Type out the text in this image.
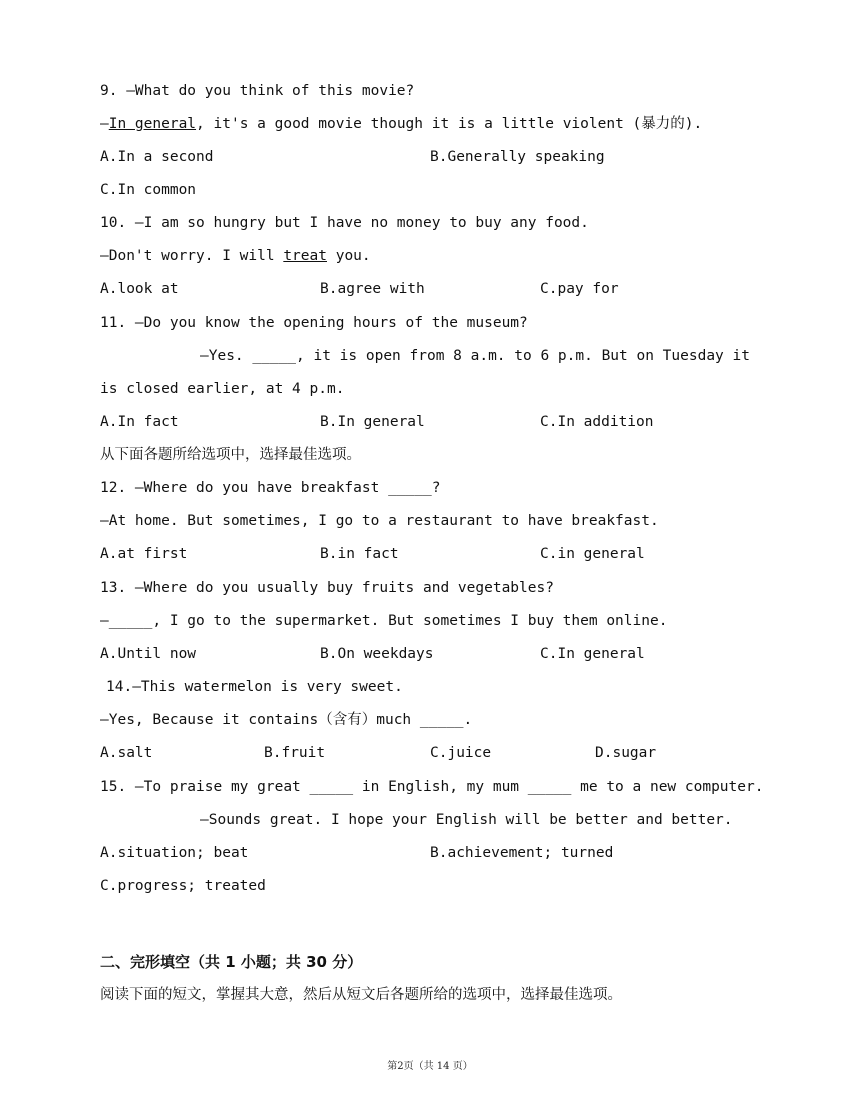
9. —What do you think of this movie?
—In general, it's a good movie though it is a little violent (暴力的).
A.In a second	B.Generally speaking
C.In common
10. —I am so hungry but I have no money to buy any food.
—Don't worry. I will treat you.
A.look at	B.agree with	C.pay for
11. —Do you know the opening hours of the museum?
—Yes. _____, it is open from 8 a.m. to 6 p.m. But on Tuesday it
is closed earlier, at 4 p.m.
A.In fact	B.In general	C.In addition
从下面各题所给选项中，选择最佳选项。
12. —Where do you have breakfast _____?
—At home. But sometimes, I go to a restaurant to have breakfast.
A.at first	B.in fact	C.in general
13. —Where do you usually buy fruits and vegetables?
—_____, I go to the supermarket. But sometimes I buy them online.
A.Until now	B.On weekdays	C.In general
14.—This watermelon is very sweet.
—Yes, Because it contains（含有）much _____.
A.salt	B.fruit	C.juice	D.sugar
15. —To praise my great _____ in English, my mum _____ me to a new computer.
—Sounds great. I hope your English will be better and better.
A.situation; beat	B.achievement; turned
C.progress; treated
二、完形填空（共 1 小题；共 30 分）
阅读下面的短文，掌握其大意，然后从短文后各题所给的选项中，选择最佳选项。
第2页（共 14 页）
